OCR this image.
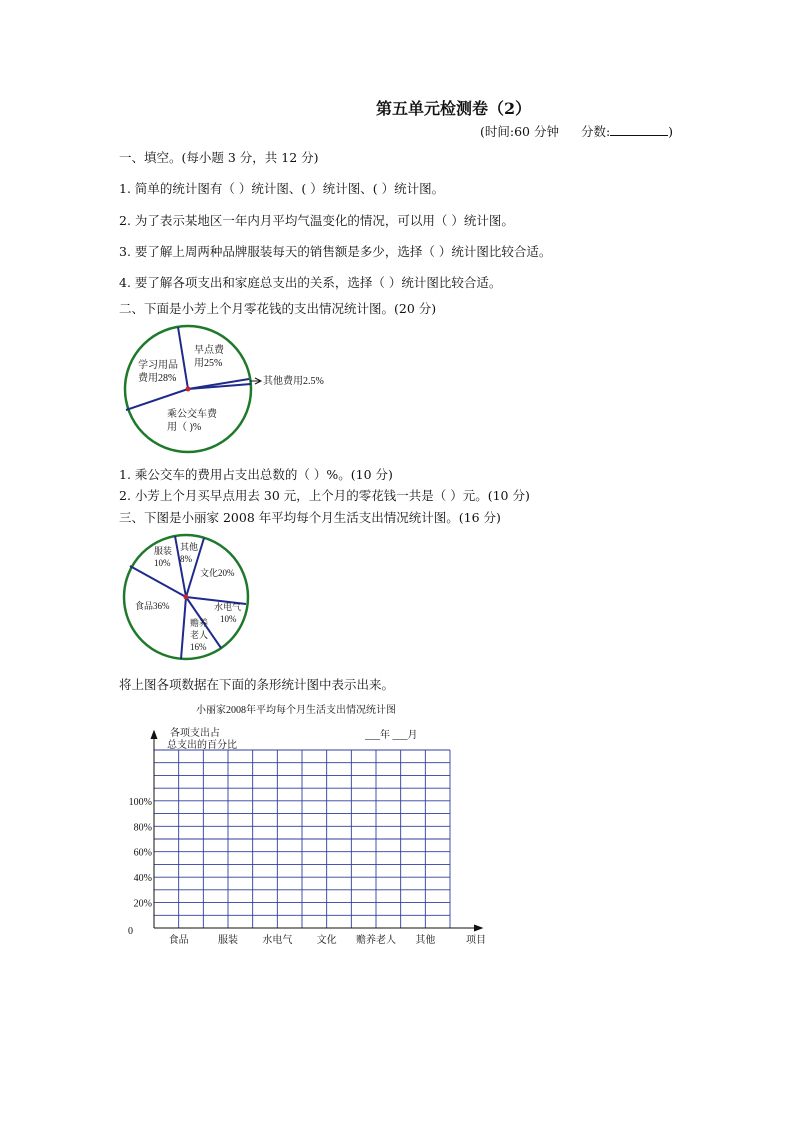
第五单元检测卷（2）
(时间:60 分钟 分数:	)
一、填空。(每小题 3 分，共 12 分)
1. 简单的统计图有（ ）统计图、( ）统计图、( ）统计图。
2. 为了表示某地区一年内月平均气温变化的情况，可以用（ ）统计图。
3. 要了解上周两种品牌服装每天的销售额是多少，选择（ ）统计图比较合适。
4. 要了解各项支出和家庭总支出的关系，选择（ ）统计图比较合适。
二、下面是小芳上个月零花钱的支出情况统计图。(20 分)
早点费
用25%
学习用品
费用28%
乘公交车费
用（ )%
其他费用2.5%
1. 乘公交车的费用占支出总数的（ ）%。(10 分)
2. 小芳上个月买早点用去 30 元，上个月的零花钱一共是（ ）元。(10 分)
三、下图是小丽家 2008 年平均每个月生活支出情况统计图。(16 分)
服装
10%
其他
8%
文化20%
水电气
10%
赡养
老人
16%
食品36%
将上图各项数据在下面的条形统计图中表示出来。
小丽家2008年平均每个月生活支出情况统计图
各项支出占
总支出的百分比
___年 ___月
0
20%
40%
60%
80%
100%
食品	服装 水电气 文化 赡养老人 其他	项目
